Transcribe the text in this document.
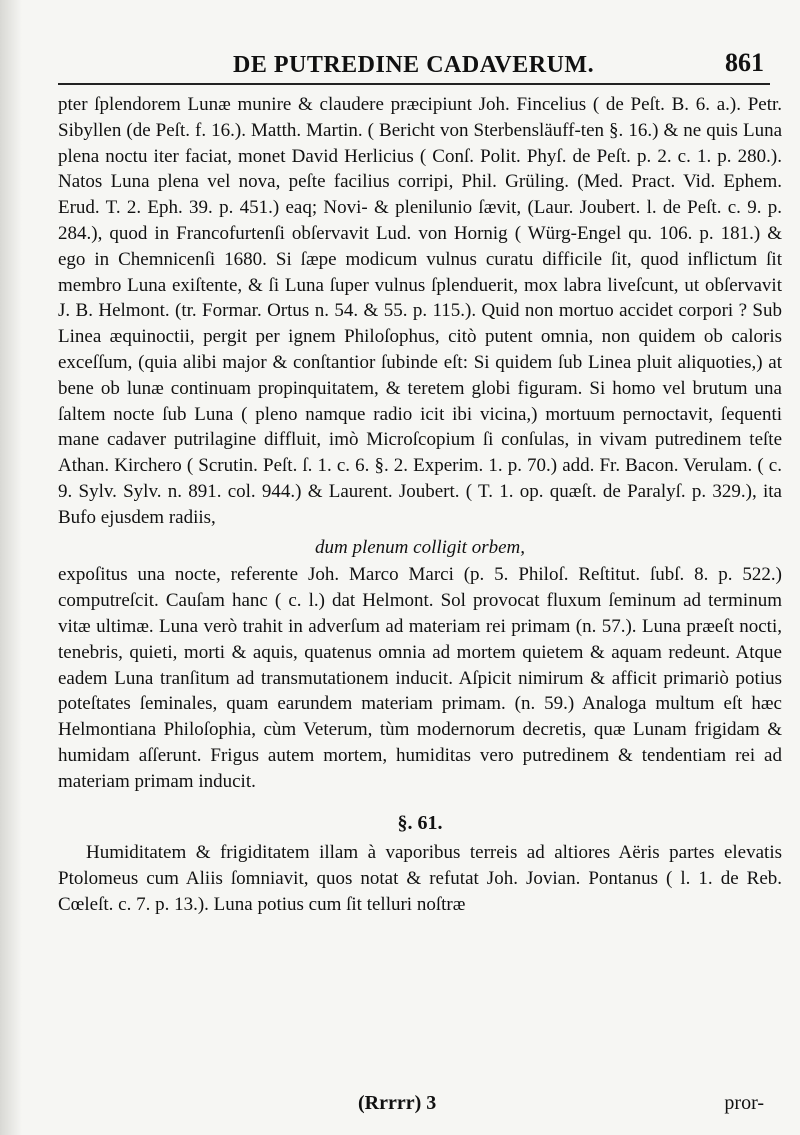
DE PUTREDINE CADAVERUM.	861

pter ſplendorem Lunæ munire & claudere præcipiunt Joh. Fincelius ( de Peſt. B. 6. a.). Petr. Sibyllen (de Peſt. f. 16.). Matth. Martin. ( Bericht von Sterbensläuff-ten §. 16.) & ne quis Luna plena noctu iter faciat, monet David Herlicius ( Conſ. Polit. Phyſ. de Peſt. p. 2. c. 1. p. 280.). Natos Luna plena vel nova, peſte facilius corripi, Phil. Grüling. (Med. Pract. Vid. Ephem. Erud. T. 2. Eph. 39. p. 451.) eaq; Novi- & plenilunio ſævit, (Laur. Joubert. l. de Peſt. c. 9. p. 284.), quod in Francofurtenſi obſervavit Lud. von Hornig ( Würg-Engel qu. 106. p. 181.) & ego in Chemnicenſi 1680. Si ſæpe modicum vulnus curatu difficile ſit, quod inflictum ſit membro Luna exiſtente, & ſi Luna ſuper vulnus ſplenduerit, mox labra liveſcunt, ut obſervavit J. B. Helmont. (tr. Formar. Ortus n. 54. & 55. p. 115.). Quid non mortuo accidet corpori ? Sub Linea æquinoctii, pergit per ignem Philoſophus, citò putent omnia, non quidem ob caloris exceſſum, (quia alibi major & conſtantior ſubinde eſt: Si quidem ſub Linea pluit aliquoties,) at bene ob lunæ continuam propinquitatem, & teretem globi figuram. Si homo vel brutum una ſaltem nocte ſub Luna ( pleno namque radio icit ibi vicina,) mortuum pernoctavit, ſequenti mane cadaver putrilagine diffluit, imò Microſcopium ſi conſulas, in vivam putredinem teſte Athan. Kirchero ( Scrutin. Peſt. ſ. 1. c. 6. §. 2. Experim. 1. p. 70.) add. Fr. Bacon. Verulam. ( c. 9. Sylv. Sylv. n. 891. col. 944.) & Laurent. Joubert. ( T. 1. op. quæſt. de Paralyſ. p. 329.), ita Bufo ejusdem radiis,

dum plenum colligit orbem,

expoſitus una nocte, referente Joh. Marco Marci (p. 5. Philoſ. Reſtitut. ſubſ. 8. p. 522.) computreſcit. Cauſam hanc ( c. l.) dat Helmont. Sol provocat fluxum ſeminum ad terminum vitæ ultimæ. Luna verò trahit in adverſum ad materiam rei primam (n. 57.). Luna præeſt nocti, tenebris, quieti, morti & aquis, quatenus omnia ad mortem quietem & aquam redeunt. Atque eadem Luna tranſitum ad transmutationem inducit. Aſpicit nimirum & afficit primariò potius poteſtates ſeminales, quam earundem materiam primam. (n. 59.) Analoga multum eſt hæc Helmontiana Philoſophia, cùm Veterum, tùm modernorum decretis, quæ Lunam frigidam & humidam aſſerunt. Frigus autem mortem, humiditas vero putredinem & tendentiam rei ad materiam primam inducit.

§. 61.

Humiditatem & frigiditatem illam à vaporibus terreis ad altiores Aëris partes elevatis Ptolomeus cum Aliis ſomniavit, quos notat & refutat Joh. Jovian. Pontanus ( l. 1. de Reb. Cœleſt. c. 7. p. 13.). Luna potius cum ſit telluri noſtræ

(Rrrrr) 3	pror-
